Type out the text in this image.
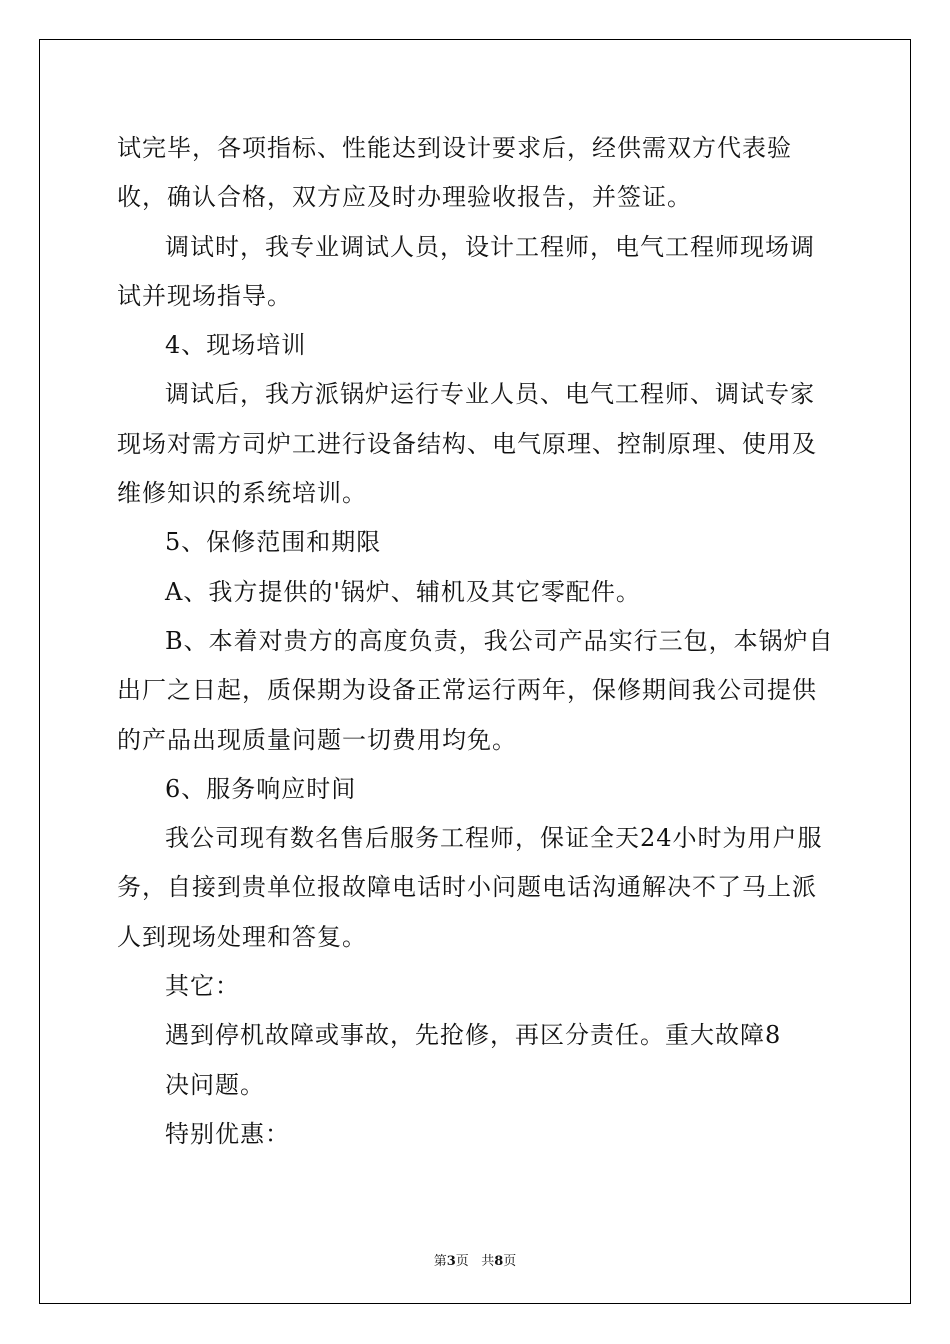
试完毕，各项指标、性能达到设计要求后，经供需双方代表验收，确认合格，双方应及时办理验收报告，并签证。

调试时，我专业调试人员，设计工程师，电气工程师现场调试并现场指导。

4、现场培训

调试后，我方派锅炉运行专业人员、电气工程师、调试专家现场对需方司炉工进行设备结构、电气原理、控制原理、使用及维修知识的系统培训。

5、保修范围和期限

A、我方提供的'锅炉、辅机及其它零配件。

B、本着对贵方的高度负责，我公司产品实行三包，本锅炉自出厂之日起，质保期为设备正常运行两年，保修期间我公司提供的产品出现质量问题一切费用均免。

6、服务响应时间

我公司现有数名售后服务工程师，保证全天24小时为用户服务，自接到贵单位报故障电话时小问题电话沟通解决不了马上派人到现场处理和答复。

其它：

遇到停机故障或事故，先抢修，再区分责任。重大故障8

决问题。

特别优惠：

第3页 共8页
